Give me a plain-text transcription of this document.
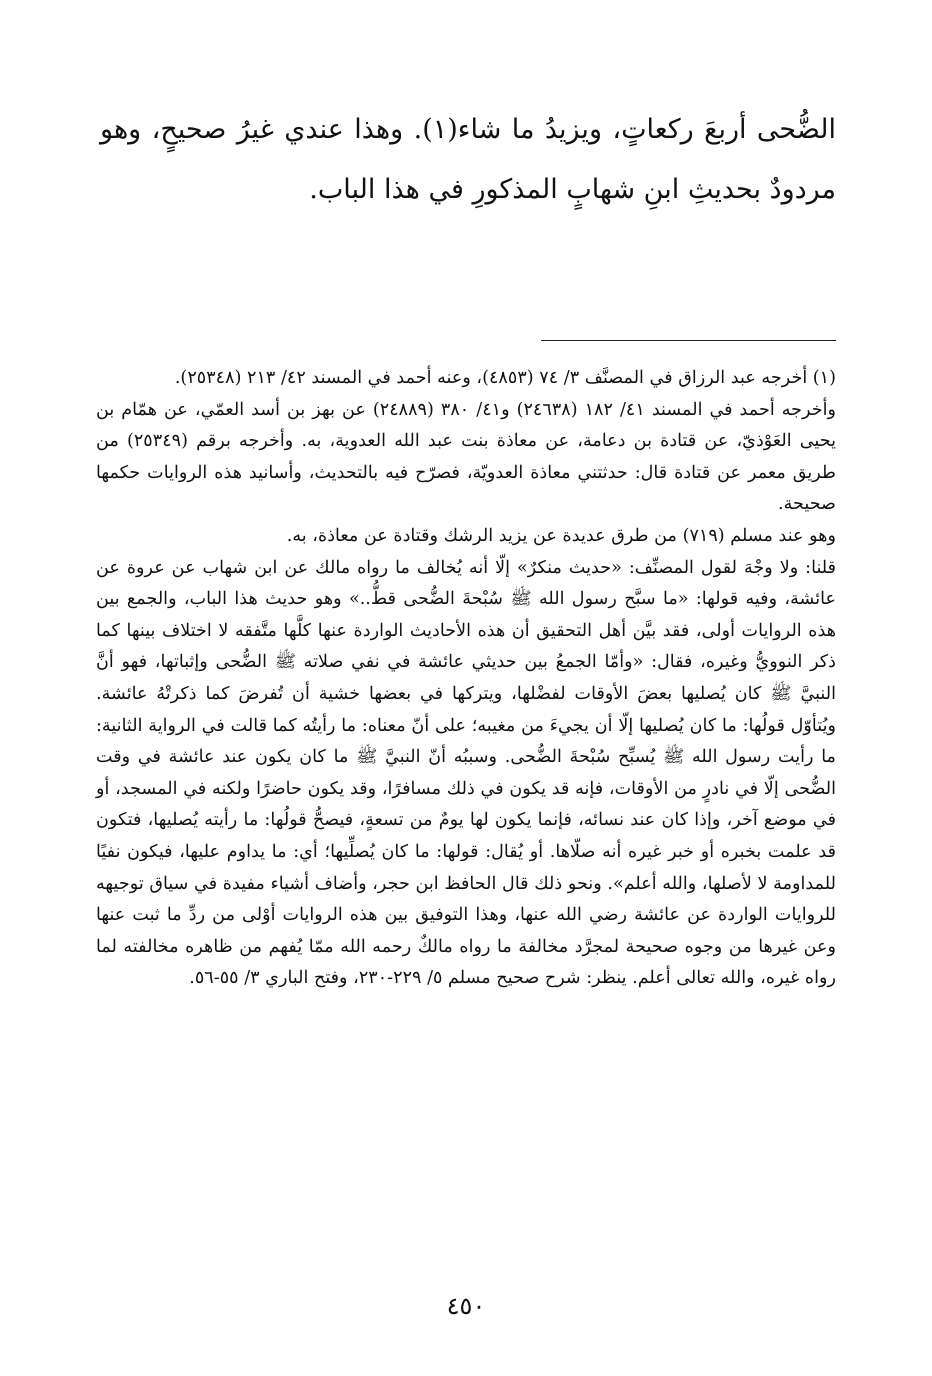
الضُّحى أربعَ ركعاتٍ، ويزيدُ ما شاء(١). وهذا عندي غيرُ صحيحٍ، وهو مردودٌ بحديثِ ابنِ شهابٍ المذكورِ في هذا الباب.

(١) أخرجه عبد الرزاق في المصنَّف ٣/ ٧٤ (٤٨٥٣)، وعنه أحمد في المسند ٤٢/ ٢١٣ (٢٥٣٤٨).

وأخرجه أحمد في المسند ٤١/ ١٨٢ (٢٤٦٣٨) و٤١/ ٣٨٠ (٢٤٨٨٩) عن بهز بن أسد العمّي، عن همّام بن يحيى العَوْذيّ، عن قتادة بن دعامة، عن معاذة بنت عبد الله العدوية، به. وأخرجه برقم (٢٥٣٤٩) من طريق معمر عن قتادة قال: حدثتني معاذة العدويّة، فصرّح فيه بالتحديث، وأسانيد هذه الروايات حكمها صحيحة.

وهو عند مسلم (٧١٩) من طرق عديدة عن يزيد الرشك وقتادة عن معاذة، به.

قلنا: ولا وجْهَ لقول المصنِّف: «حديث منكرٌ» إلّا أنه يُخالف ما رواه مالك عن ابن شهاب عن عروة عن عائشة، وفيه قولها: «ما سبَّح رسول الله ﷺ سُبْحةَ الضُّحى قطُّ..» وهو حديث هذا الباب، والجمع بين هذه الروايات أولى، فقد بيَّن أهل التحقيق أن هذه الأحاديث الواردة عنها كلَّها متَّفقه لا اختلاف بينها كما ذكر النوويُّ وغيره، فقال: «وأمّا الجمعُ بين حديثي عائشة في نفي صلاته ﷺ الضُّحى وإثباتها، فهو أنَّ النبيَّ ﷺ كان يُصليها بعضَ الأوقات لفضْلها، ويتركها في بعضها خشية أن تُفرضَ كما ذكرتْهُ عائشة. ويُتأوّل قولُها: ما كان يُصليها إلّا أن يجيءَ من مغيبه؛ على أنّ معناه: ما رأيتُه كما قالت في الرواية الثانية: ما رأيت رسول الله ﷺ يُسبِّح سُبْحةَ الضُّحى. وسببُه أنّ النبيَّ ﷺ ما كان يكون عند عائشة في وقت الضُّحى إلّا في نادرٍ من الأوقات، فإنه قد يكون في ذلك مسافرًا، وقد يكون حاضرًا ولكنه في المسجد، أو في موضع آخر، وإذا كان عند نسائه، فإنما يكون لها يومٌ من تسعةٍ، فيصحُّ قولُها: ما رأيته يُصليها، فتكون قد علمت بخبره أو خبر غيره أنه صلّاها. أو يُقال: قولها: ما كان يُصلِّيها؛ أي: ما يداوم عليها، فيكون نفيًا للمداومة لا لأصلها، والله أعلم». ونحو ذلك قال الحافظ ابن حجر، وأضاف أشياء مفيدة في سياق توجيهه للروايات الواردة عن عائشة رضي الله عنها، وهذا التوفيق بين هذه الروايات أوْلى من ردِّ ما ثبت عنها وعن غيرها من وجوه صحيحة لمجرَّد مخالفة ما رواه مالكٌ رحمه الله ممّا يُفهم من ظاهره مخالفته لما رواه غيره، والله تعالى أعلم. ينظر: شرح صحيح مسلم ٥/ ٢٢٩-٢٣٠، وفتح الباري ٣/ ٥٥-٥٦.

٤٥٠
